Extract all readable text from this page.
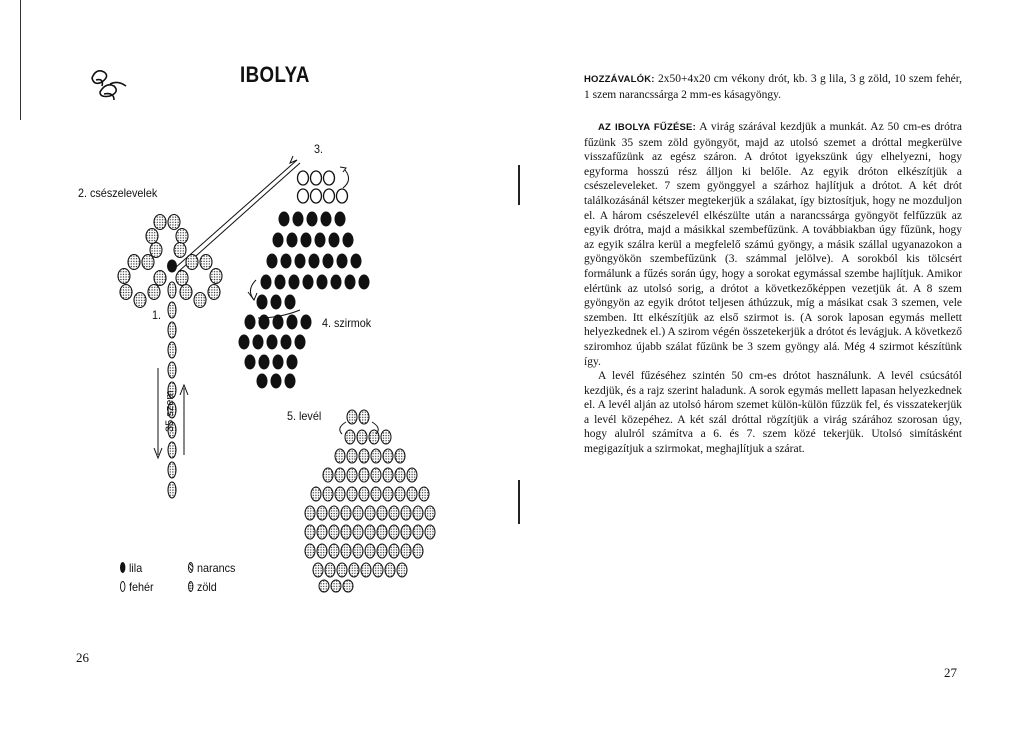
IBOLYA
2. csészelevelek
3.
1.
4. szirmok
5. levél
35 szem
lila	narancs
fehér	zöld
26
27

HOZZÁVALÓK: 2x50+4x20 cm vékony drót, kb. 3 g lila, 3 g zöld, 10 szem fehér, 1 szem narancssárga 2 mm-es kásagyöngy.

AZ IBOLYA FŰZÉSE: A virág szárával kezdjük a munkát. Az 50 cm-es drótra fűzünk 35 szem zöld gyöngyöt, majd az utolsó szemet a dróttal megkerülve visszafűzünk az egész száron. A drótot igyekszünk úgy elhelyezni, hogy egyforma hosszú rész álljon ki belőle. Az egyik dróton elkészítjük a csészeleveleket. 7 szem gyönggyel a szárhoz hajlítjuk a drótot. A két drót találkozásánál kétszer megtekerjük a szálakat, így biztosítjuk, hogy ne mozduljon el. A három csészelevél elkészülte után a narancssárga gyöngyöt felfűzzük az egyik drótra, majd a másikkal szembefűzünk. A továbbiakban úgy fűzünk, hogy az egyik szálra kerül a megfelelő számú gyöngy, a másik szállal ugyanazokon a gyöngyökön szembefűzünk (3. számmal jelölve). A sorokból kis tölcsért formálunk a fűzés során úgy, hogy a sorokat egymással szembe hajlítjuk. Amikor elértünk az utolsó sorig, a drótot a következőképpen vezetjük át. A 8 szem gyöngyön az egyik drótot teljesen áthúzzuk, míg a másikat csak 3 szemen, vele szemben. Itt elkészítjük az első szirmot is. (A sorok laposan egymás mellett helyezkednek el.) A szirom végén összetekerjük a drótot és levágjuk. A következő sziromhoz újabb szálat fűzünk be 3 szem gyöngy alá. Még 4 szirmot készítünk így.

A levél fűzéséhez szintén 50 cm-es drótot használunk. A levél csúcsától kezdjük, és a rajz szerint haladunk. A sorok egymás mellett lapasan helyezkednek el. A levél alján az utolsó három szemet külön-külön fűzzük fel, és visszatekerjük a levél közepéhez. A két szál dróttal rögzítjük a virág szárához szorosan úgy, hogy alulról számítva a 6. és 7. szem közé tekerjük. Utolsó simításként megigazítjuk a szirmokat, meghajlítjuk a szárat.
